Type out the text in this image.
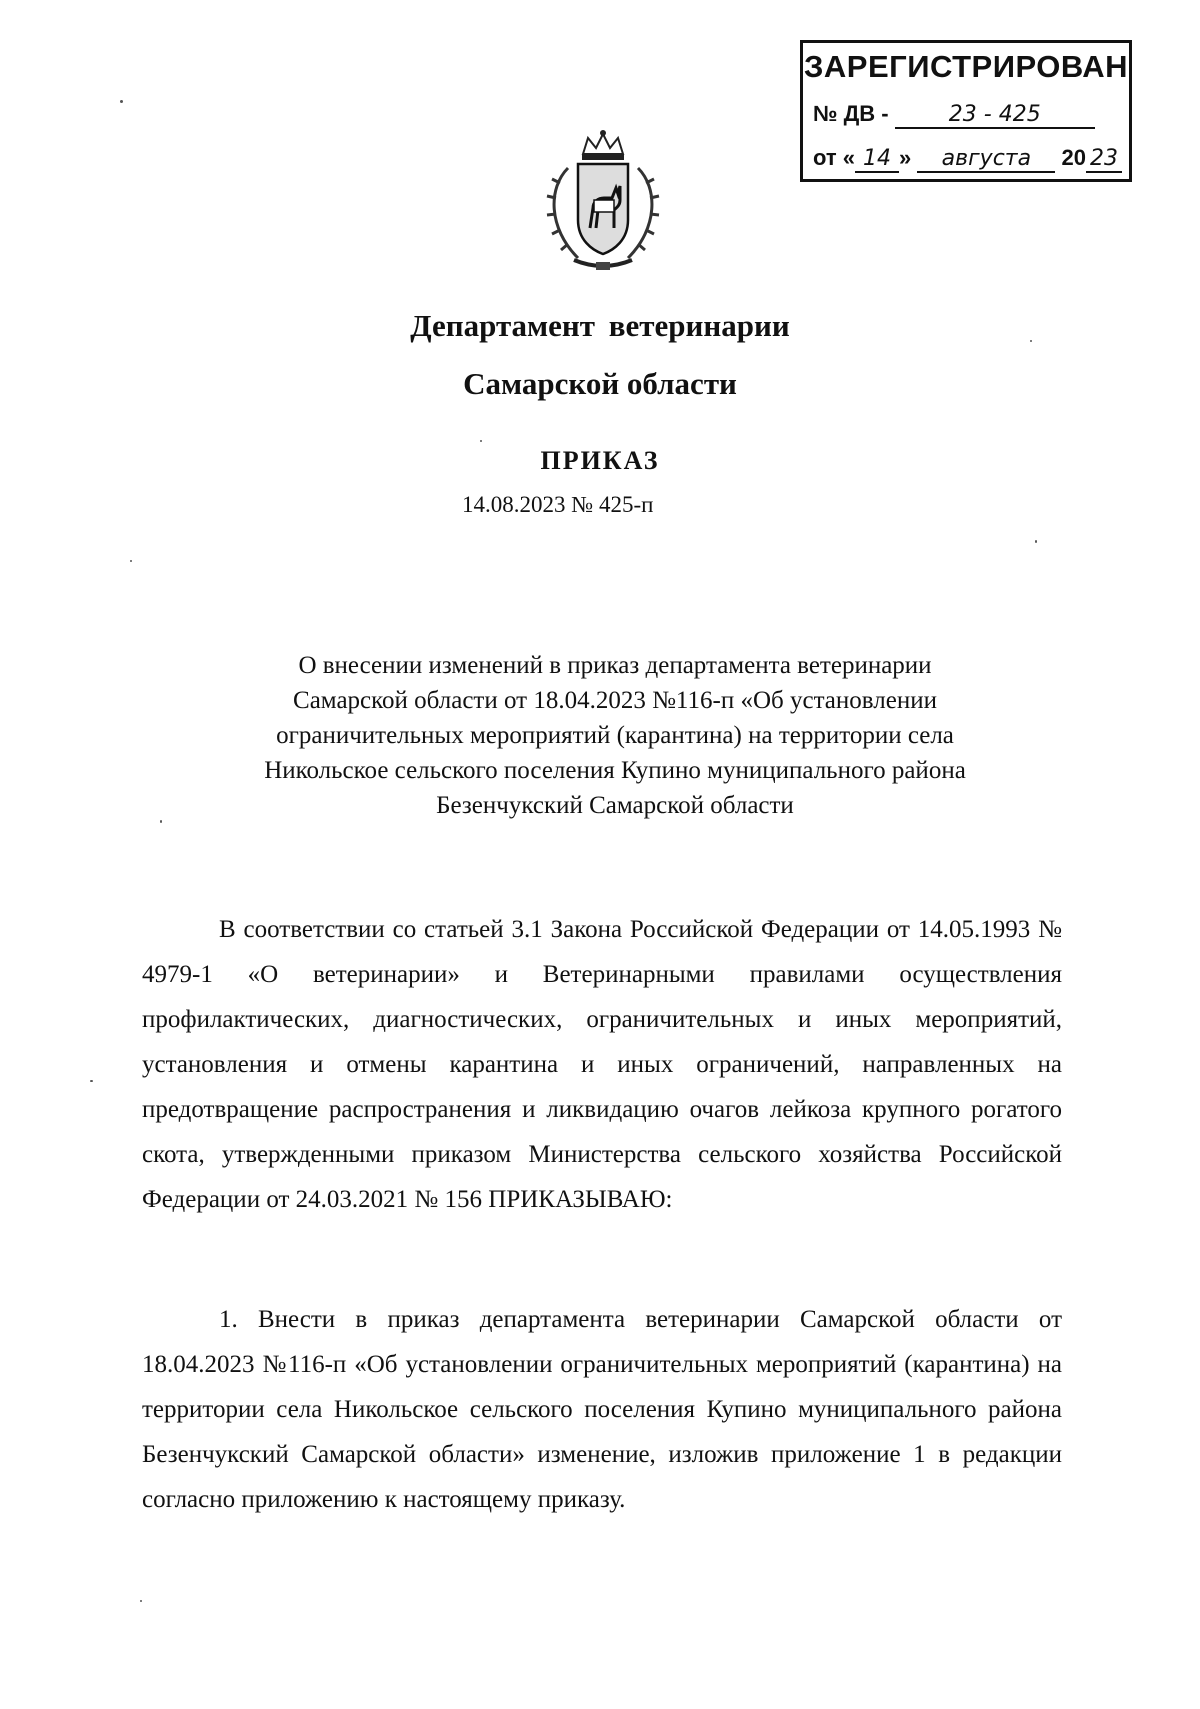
ЗАРЕГИСТРИРОВАН
№ ДВ -	23 - 425
от « 14 » августа 20 23
Департамент ветеринарии
Самарской области
ПРИКАЗ
14.08.2023 № 425-п
О внесении изменений в приказ департамента ветеринарии
Самарской области от 18.04.2023 №116-п «Об установлении
ограничительных мероприятий (карантина) на территории села
Никольское сельского поселения Купино муниципального района
Безенчукский Самарской области

В соответствии со статьей 3.1 Закона Российской Федерации от 14.05.1993 № 4979-1 «О ветеринарии» и Ветеринарными правилами осуществления профилактических, диагностических, ограничительных и иных мероприятий, установления и отмены карантина и иных ограничений, направленных на предотвращение распространения и ликвидацию очагов лейкоза крупного рогатого скота, утвержденными приказом Министерства сельского хозяйства Российской Федерации от 24.03.2021 № 156 ПРИКАЗЫВАЮ:

1. Внести в приказ департамента ветеринарии Самарской области от 18.04.2023 №116-п «Об установлении ограничительных мероприятий (карантина) на территории села Никольское сельского поселения Купино муниципального района Безенчукский Самарской области» изменение, изложив приложение 1 в редакции согласно приложению к настоящему приказу.
